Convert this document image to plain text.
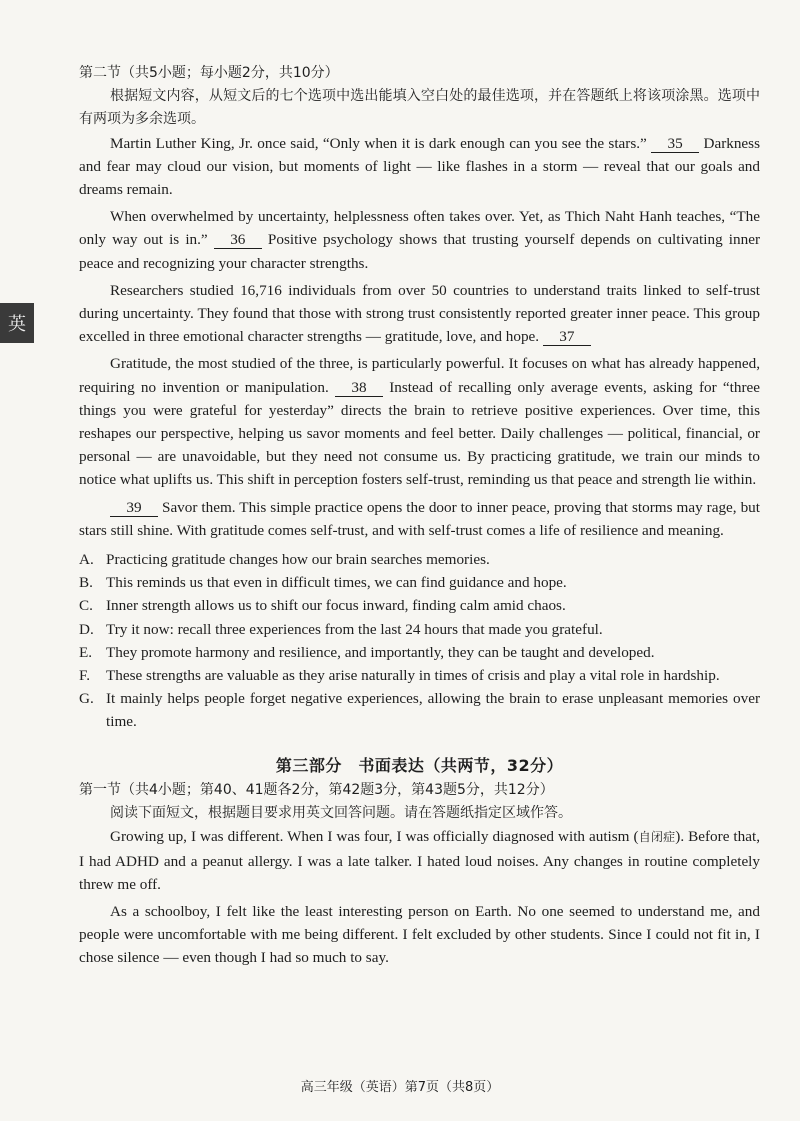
英
第二节（共5小题；每小题2分，共10分）
根据短文内容，从短文后的七个选项中选出能填入空白处的最佳选项，并在答题纸上将该项涂黑。选项中有两项为多余选项。

Martin Luther King, Jr. once said, “Only when it is dark enough can you see the stars.” 35 Darkness and fear may cloud our vision, but moments of light — like flashes in a storm — reveal that our goals and dreams remain.

When overwhelmed by uncertainty, helplessness often takes over. Yet, as Thich Naht Hanh teaches, “The only way out is in.” 36 Positive psychology shows that trusting yourself depends on cultivating inner peace and recognizing your character strengths.

Researchers studied 16,716 individuals from over 50 countries to understand traits linked to self-trust during uncertainty. They found that those with strong trust consistently reported greater inner peace. This group excelled in three emotional character strengths — gratitude, love, and hope. 37

Gratitude, the most studied of the three, is particularly powerful. It focuses on what has already happened, requiring no invention or manipulation. 38 Instead of recalling only average events, asking for “three things you were grateful for yesterday” directs the brain to retrieve positive experiences. Over time, this reshapes our perspective, helping us savor moments and feel better. Daily challenges — political, financial, or personal — are unavoidable, but they need not consume us. By practicing gratitude, we train our minds to notice what uplifts us. This shift in perception fosters self-trust, reminding us that peace and strength lie within.

39 Savor them. This simple practice opens the door to inner peace, proving that storms may rage, but stars still shine. With gratitude comes self-trust, and with self-trust comes a life of resilience and meaning.

A. Practicing gratitude changes how our brain searches memories.
B. This reminds us that even in difficult times, we can find guidance and hope.
C. Inner strength allows us to shift our focus inward, finding calm amid chaos.
D. Try it now: recall three experiences from the last 24 hours that made you grateful.
E. They promote harmony and resilience, and importantly, they can be taught and developed.
F. These strengths are valuable as they arise naturally in times of crisis and play a vital role in hardship.
G. It mainly helps people forget negative experiences, allowing the brain to erase unpleasant memories over time.
第三部分　书面表达（共两节，32分）
第一节（共4小题；第40、41题各2分，第42题3分，第43题5分，共12分）
阅读下面短文，根据题目要求用英文回答问题。请在答题纸指定区域作答。

Growing up, I was different. When I was four, I was officially diagnosed with autism (自闭症). Before that, I had ADHD and a peanut allergy. I was a late talker. I hated loud noises. Any changes in routine completely threw me off.

As a schoolboy, I felt like the least interesting person on Earth. No one seemed to understand me, and people were uncomfortable with me being different. I felt excluded by other students. Since I could not fit in, I chose silence — even though I had so much to say.

高三年级（英语）第7页（共8页）
